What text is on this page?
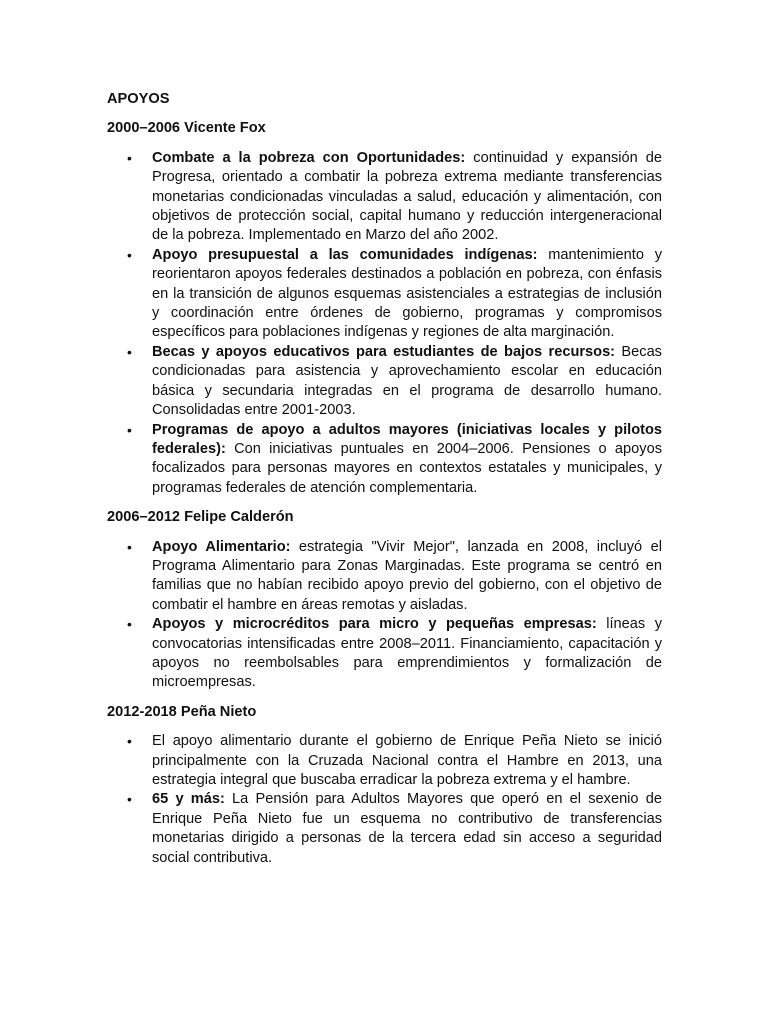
APOYOS
2000–2006 Vicente Fox
• Combate a la pobreza con Oportunidades: continuidad y expansión de Progresa, orientado a combatir la pobreza extrema mediante transferencias monetarias condicionadas vinculadas a salud, educación y alimentación, con objetivos de protección social, capital humano y reducción intergeneracional de la pobreza. Implementado en Marzo del año 2002.
• Apoyo presupuestal a las comunidades indígenas: mantenimiento y reorientaron apoyos federales destinados a población en pobreza, con énfasis en la transición de algunos esquemas asistenciales a estrategias de inclusión y coordinación entre órdenes de gobierno, programas y compromisos específicos para poblaciones indígenas y regiones de alta marginación.
• Becas y apoyos educativos para estudiantes de bajos recursos: Becas condicionadas para asistencia y aprovechamiento escolar en educación básica y secundaria integradas en el programa de desarrollo humano. Consolidadas entre 2001-2003.
• Programas de apoyo a adultos mayores (iniciativas locales y pilotos federales): Con iniciativas puntuales en 2004–2006. Pensiones o apoyos focalizados para personas mayores en contextos estatales y municipales, y programas federales de atención complementaria.
2006–2012 Felipe Calderón
• Apoyo Alimentario: estrategia "Vivir Mejor", lanzada en 2008, incluyó el Programa Alimentario para Zonas Marginadas. Este programa se centró en familias que no habían recibido apoyo previo del gobierno, con el objetivo de combatir el hambre en áreas remotas y aisladas.
• Apoyos y microcréditos para micro y pequeñas empresas: líneas y convocatorias intensificadas entre 2008–2011. Financiamiento, capacitación y apoyos no reembolsables para emprendimientos y formalización de microempresas.
2012-2018 Peña Nieto
• El apoyo alimentario durante el gobierno de Enrique Peña Nieto se inició principalmente con la Cruzada Nacional contra el Hambre en 2013, una estrategia integral que buscaba erradicar la pobreza extrema y el hambre.
• 65 y más: La Pensión para Adultos Mayores que operó en el sexenio de Enrique Peña Nieto fue un esquema no contributivo de transferencias monetarias dirigido a personas de la tercera edad sin acceso a seguridad social contributiva.
